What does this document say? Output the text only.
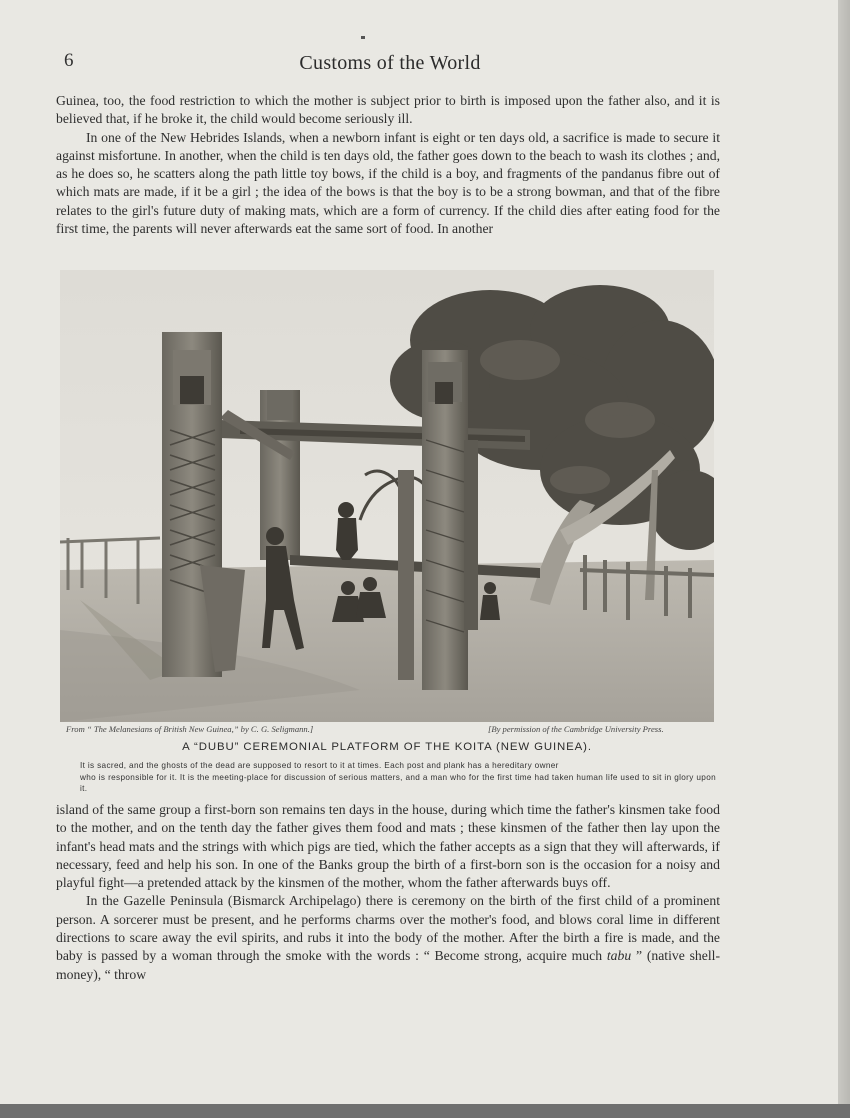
6	Customs of the World

Guinea, too, the food restriction to which the mother is subject prior to birth is imposed upon the father also, and it is believed that, if he broke it, the child would become seriously ill.

In one of the New Hebrides Islands, when a newborn infant is eight or ten days old, a sacrifice is made to secure it against misfortune. In another, when the child is ten days old, the father goes down to the beach to wash its clothes ; and, as he does so, he scatters along the path little toy bows, if the child is a boy, and fragments of the pandanus fibre out of which mats are made, if it be a girl ; the idea of the bows is that the boy is to be a strong bowman, and that of the fibre relates to the girl's future duty of making mats, which are a form of currency. If the child dies after eating food for the first time, the parents will never afterwards eat the same sort of food. In another

From “ The Melanesians of British New Guinea,” by C. G. Seligmann.]	[By permission of the Cambridge University Press.
A “DUBU” CEREMONIAL PLATFORM OF THE KOITA (NEW GUINEA).
It is sacred, and the ghosts of the dead are supposed to resort to it at times. Each post and plank has a hereditary owner
who is responsible for it. It is the meeting-place for discussion of serious matters, and a man who for the first time had taken human life used to sit in glory upon it.

island of the same group a first-born son remains ten days in the house, during which time the father's kinsmen take food to the mother, and on the tenth day the father gives them food and mats ; these kinsmen of the father then lay upon the infant's head mats and the strings with which pigs are tied, which the father accepts as a sign that they will afterwards, if necessary, feed and help his son. In one of the Banks group the birth of a first-born son is the occasion for a noisy and playful fight—a pretended attack by the kinsmen of the mother, whom the father afterwards buys off.

In the Gazelle Peninsula (Bismarck Archipelago) there is ceremony on the birth of the first child of a prominent person. A sorcerer must be present, and he performs charms over the mother's food, and blows coral lime in different directions to scare away the evil spirits, and rubs it into the body of the mother. After the birth a fire is made, and the baby is passed by a woman through the smoke with the words : “ Become strong, acquire much tabu ” (native shell-money), “ throw
